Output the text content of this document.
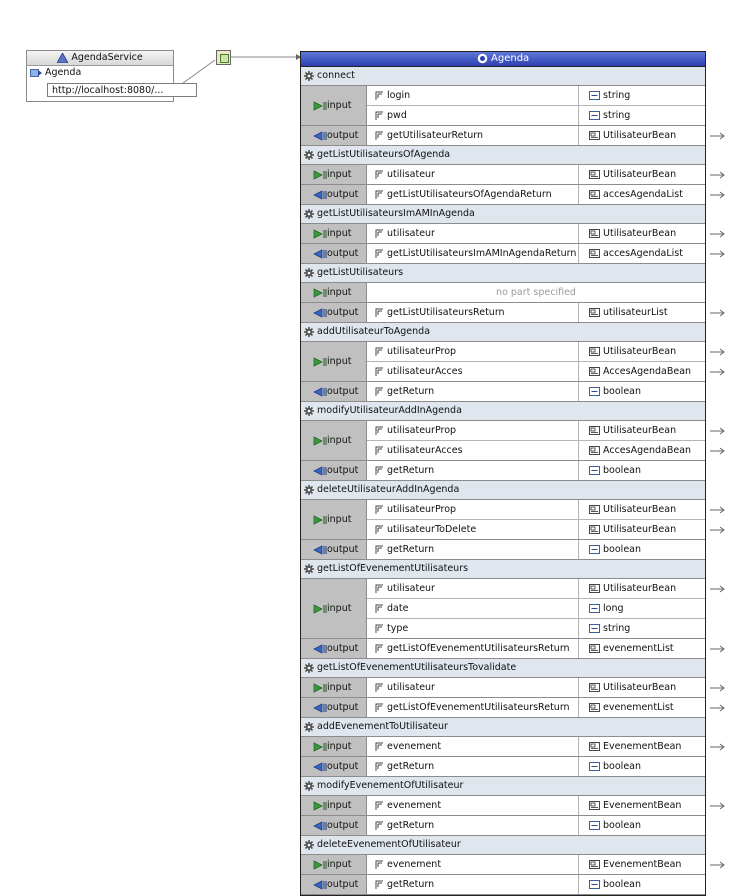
AgendaService
Agenda
http://localhost:8080/...
Agenda
connect
input
login	string
pwd	string
output	getUtilisateurReturn	UtilisateurBean
getListUtilisateursOfAgenda
input	utilisateur	UtilisateurBean
output	getListUtilisateursOfAgendaReturn	accesAgendaList
getListUtilisateursImAMInAgenda
input	utilisateur	UtilisateurBean
output	getListUtilisateursImAMInAgendaReturn	accesAgendaList
getListUtilisateurs
input	no part specified
output	getListUtilisateursReturn	utilisateurList
addUtilisateurToAgenda
input
utilisateurProp	UtilisateurBean
utilisateurAcces	AccesAgendaBean
output	getReturn	boolean
modifyUtilisateurAddInAgenda
input
utilisateurProp	UtilisateurBean
utilisateurAcces	AccesAgendaBean
output	getReturn	boolean
deleteUtilisateurAddInAgenda
input
utilisateurProp	UtilisateurBean
utilisateurToDelete	UtilisateurBean
output	getReturn	boolean
getListOfEvenementUtilisateurs
input
utilisateur	UtilisateurBean
date	long
type	string
output	getListOfEvenementUtilisateursReturn	evenementList
getListOfEvenementUtilisateursTovalidate
input	utilisateur	UtilisateurBean
output	getListOfEvenementUtilisateursReturn	evenementList
addEvenementToUtilisateur
input	evenement	EvenementBean
output	getReturn	boolean
modifyEvenementOfUtilisateur
input	evenement	EvenementBean
output	getReturn	boolean
deleteEvenementOfUtilisateur
input	evenement	EvenementBean
output	getReturn	boolean
